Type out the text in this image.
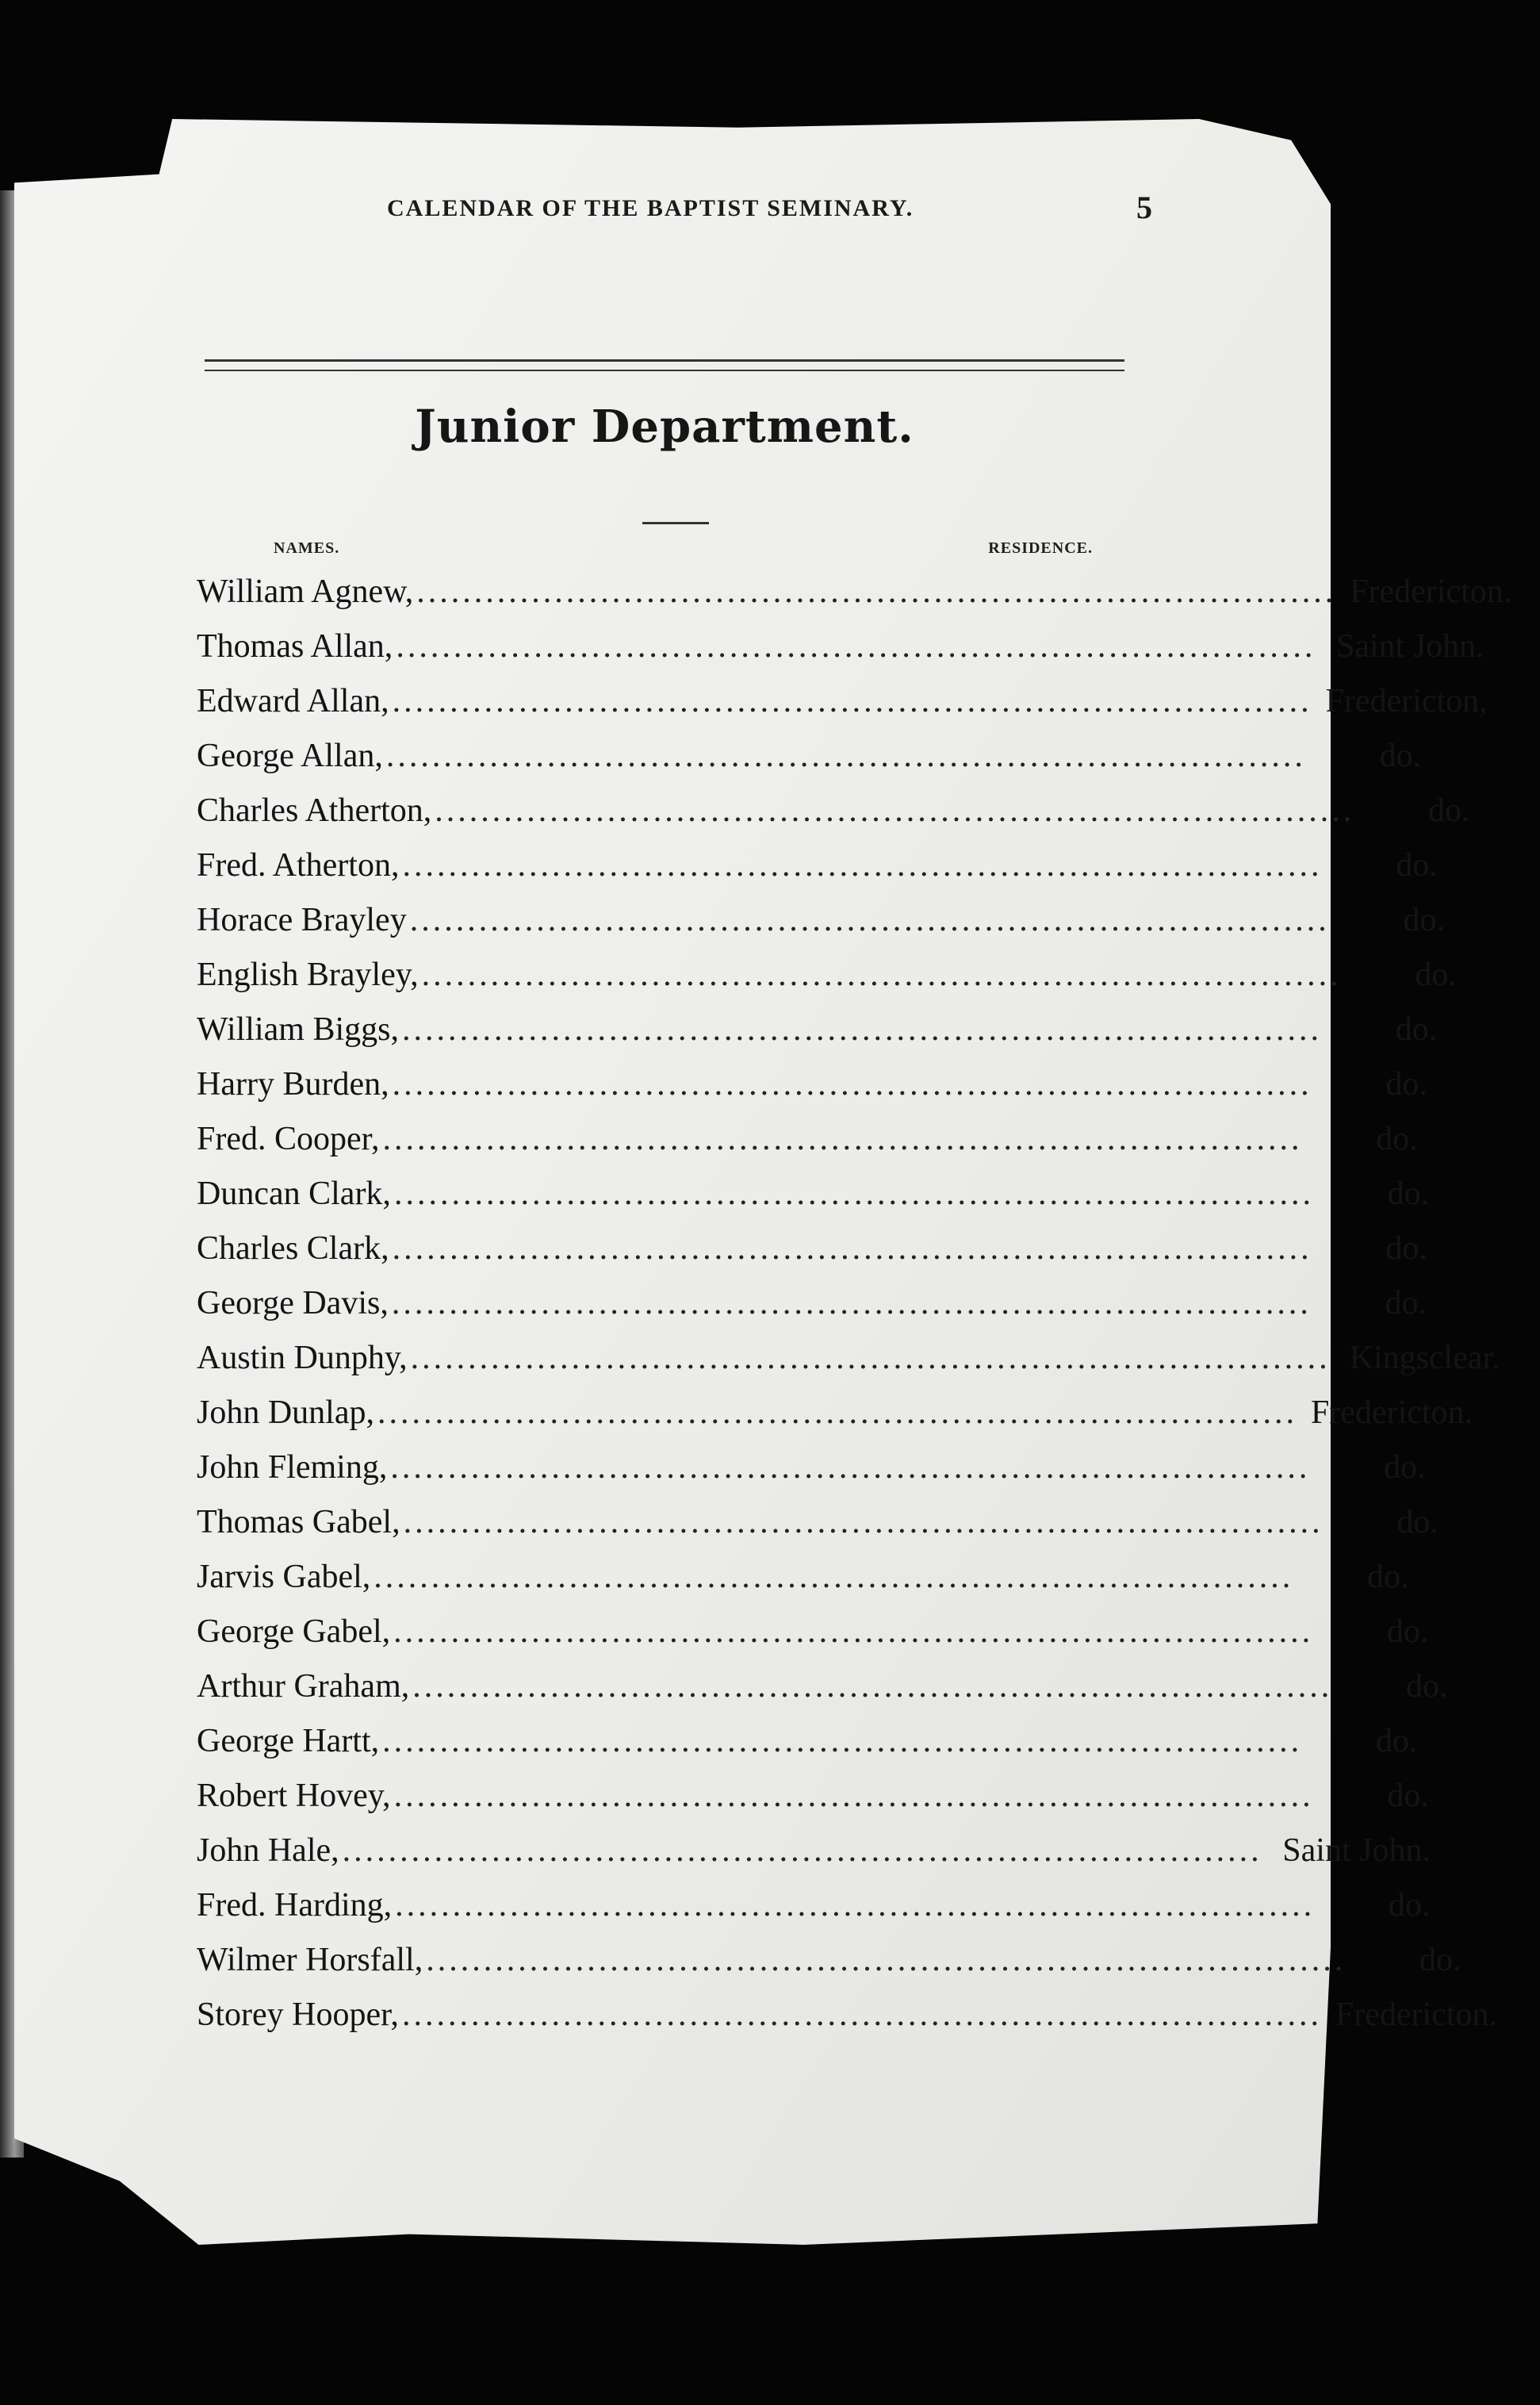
CALENDAR OF THE BAPTIST SEMINARY.	5
Junior Department.
NAMES.	RESIDENCE.
William Agnew, ................................................................................ Fredericton.
Thomas Allan, ................................................................................ Saint John.
Edward Allan, ................................................................................ Fredericton,
George Allan, ................................................................................	do.
Charles Atherton, ................................................................................	do.
Fred. Atherton, ................................................................................	do.
Horace Brayley ................................................................................	do.
English Brayley, ................................................................................	do.
William Biggs, ................................................................................	do.
Harry Burden, ................................................................................	do.
Fred. Cooper, ................................................................................	do.
Duncan Clark, ................................................................................	do.
Charles Clark, ................................................................................	do.
George Davis, ................................................................................	do.
Austin Dunphy, ................................................................................ Kingsclear.
John Dunlap, ................................................................................ Fredericton.
John Fleming, ................................................................................	do.
Thomas Gabel, ................................................................................	do.
Jarvis Gabel, ................................................................................	do.
George Gabel, ................................................................................	do.
Arthur Graham, ................................................................................	do.
George Hartt, ................................................................................	do.
Robert Hovey, ................................................................................	do.
John Hale, ................................................................................ Saint John.
Fred. Harding, ................................................................................	do.
Wilmer Horsfall, ................................................................................	do.
Storey Hooper, ................................................................................ Fredericton.
